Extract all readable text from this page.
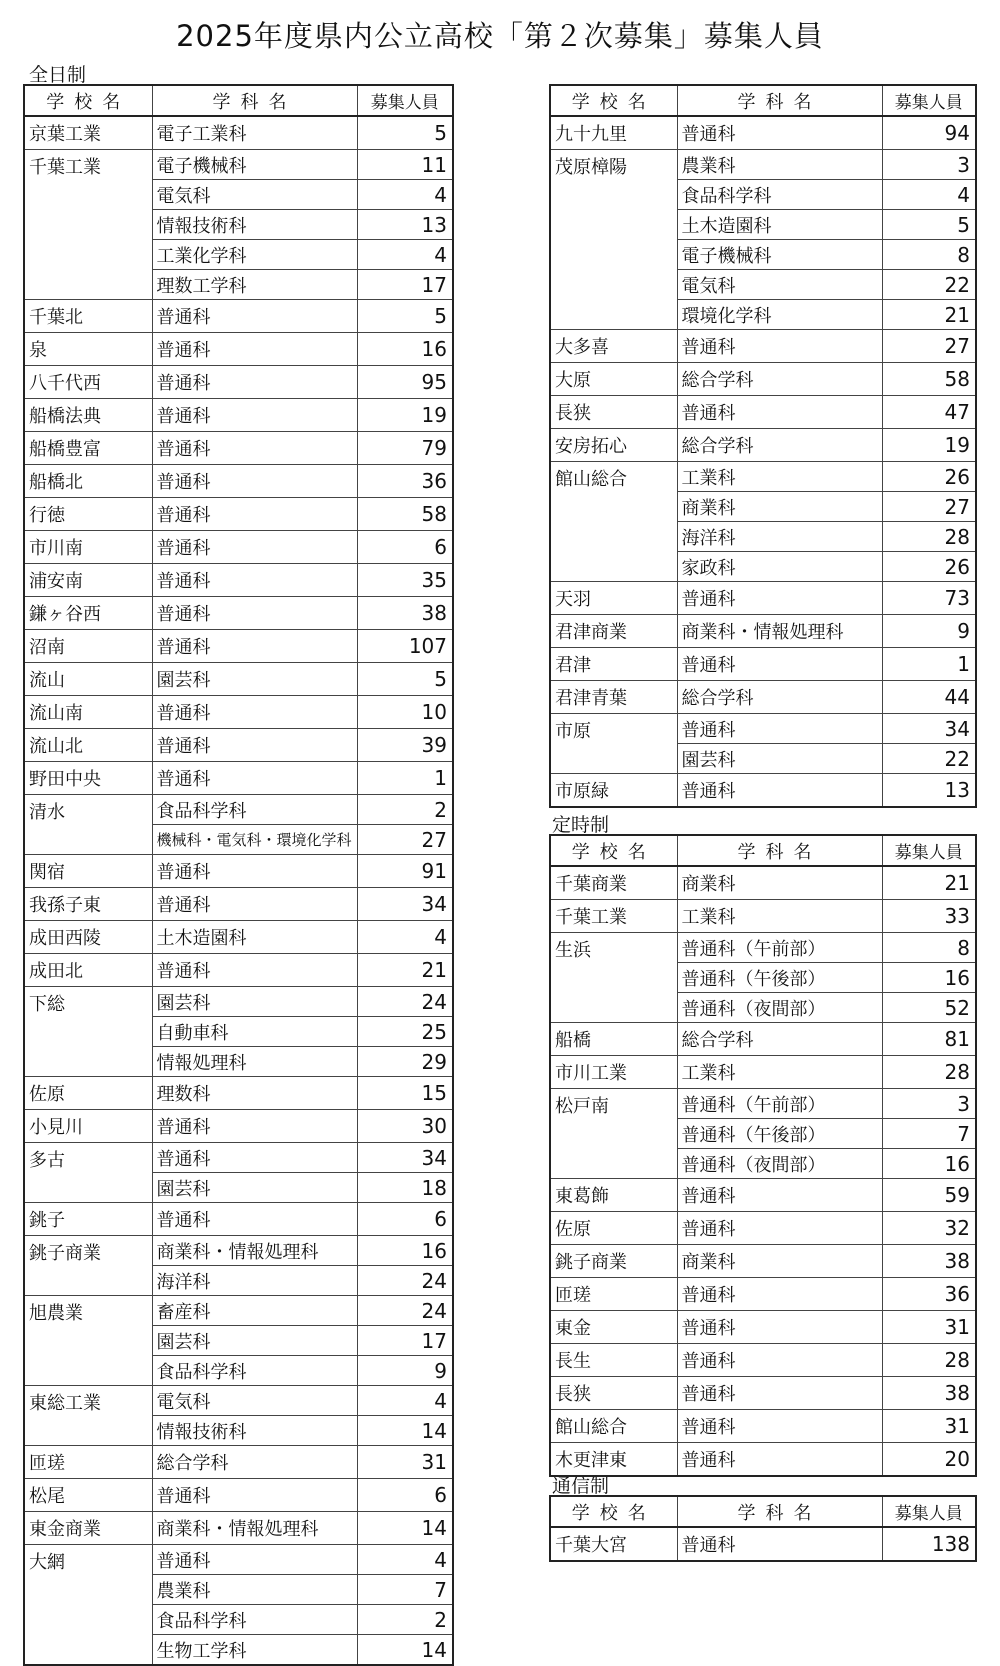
2025年度県内公立高校「第２次募集」募集人員
全日制
定時制
通信制
学校名	学科名	募集人員
京葉工業	電子工業科	5
千葉工業	電子機械科	11
	電気科	4
	情報技術科	13
	工業化学科	4
	理数工学科	17
千葉北	普通科	5
泉	普通科	16
八千代西	普通科	95
船橋法典	普通科	19
船橋豊富	普通科	79
船橋北	普通科	36
行徳	普通科	58
市川南	普通科	6
浦安南	普通科	35
鎌ヶ谷西	普通科	38
沼南	普通科	107
流山	園芸科	5
流山南	普通科	10
流山北	普通科	39
野田中央	普通科	1
清水	食品科学科	2
	機械科・電気科・環境化学科	27
関宿	普通科	91
我孫子東	普通科	34
成田西陵	土木造園科	4
成田北	普通科	21
下総	園芸科	24
	自動車科	25
	情報処理科	29
佐原	理数科	15
小見川	普通科	30
多古	普通科	34
	園芸科	18
銚子	普通科	6
銚子商業	商業科・情報処理科	16
	海洋科	24
旭農業	畜産科	24
	園芸科	17
	食品科学科	9
東総工業	電気科	4
	情報技術科	14
匝瑳	総合学科	31
松尾	普通科	6
東金商業	商業科・情報処理科	14
大網	普通科	4
	農業科	7
	食品科学科	2
	生物工学科	14
学校名	学科名	募集人員
九十九里	普通科	94
茂原樟陽	農業科	3
	食品科学科	4
	土木造園科	5
	電子機械科	8
	電気科	22
	環境化学科	21
大多喜	普通科	27
大原	総合学科	58
長狭	普通科	47
安房拓心	総合学科	19
館山総合	工業科	26
	商業科	27
	海洋科	28
	家政科	26
天羽	普通科	73
君津商業	商業科・情報処理科	9
君津	普通科	1
君津青葉	総合学科	44
市原	普通科	34
	園芸科	22
市原緑	普通科	13
学校名	学科名	募集人員
千葉商業	商業科	21
千葉工業	工業科	33
生浜	普通科（午前部）	8
	普通科（午後部）	16
	普通科（夜間部）	52
船橋	総合学科	81
市川工業	工業科	28
松戸南	普通科（午前部）	3
	普通科（午後部）	7
	普通科（夜間部）	16
東葛飾	普通科	59
佐原	普通科	32
銚子商業	商業科	38
匝瑳	普通科	36
東金	普通科	31
長生	普通科	28
長狭	普通科	38
館山総合	普通科	31
木更津東	普通科	20
学校名	学科名	募集人員
千葉大宮	普通科	138
